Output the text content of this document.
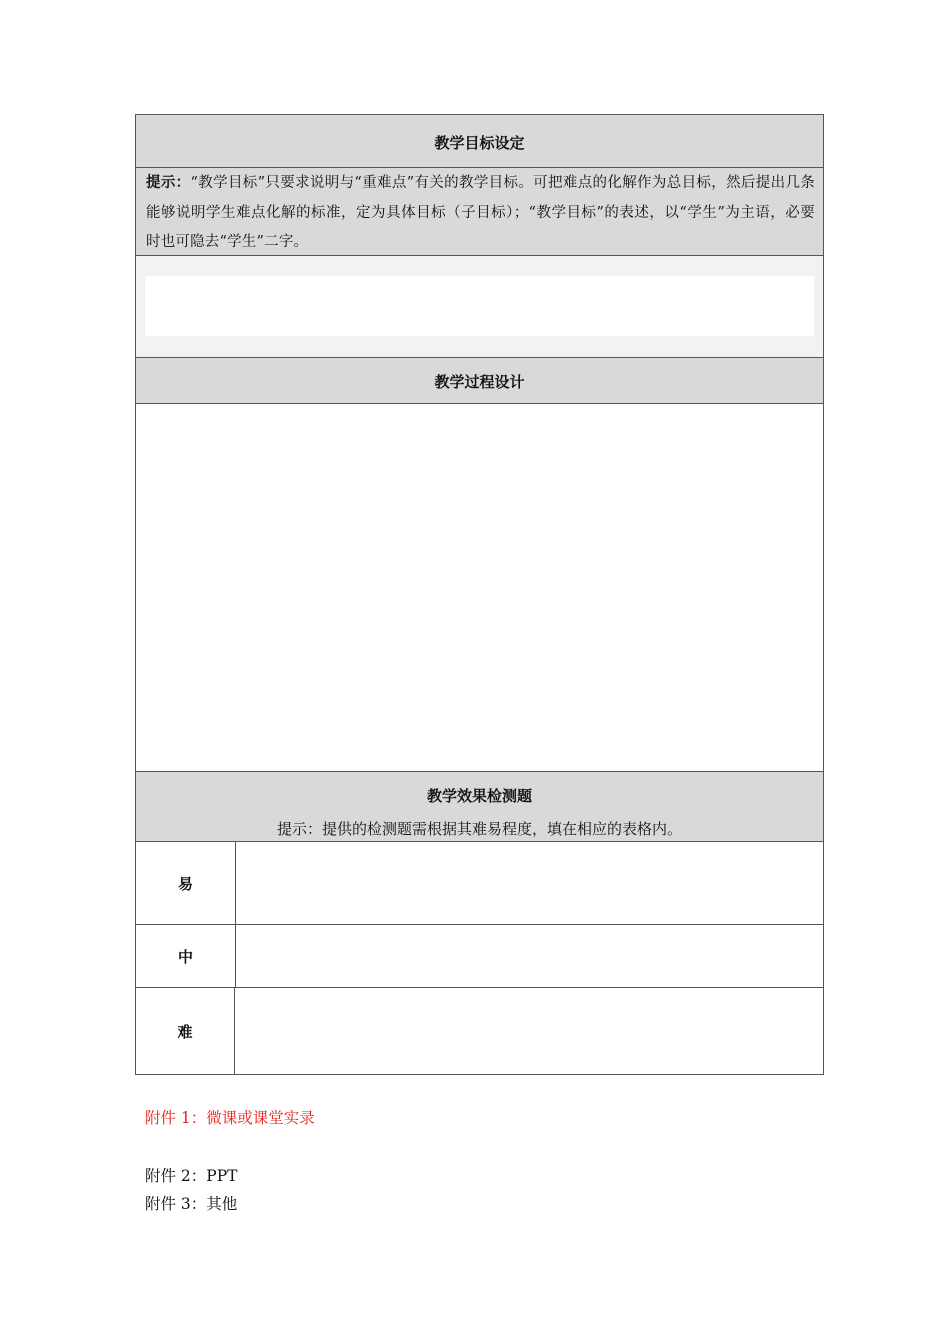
教学目标设定
提示：“教学目标”只要求说明与“重难点”有关的教学目标。可把难点的化解作为总目标，然后提出几条能够说明学生难点化解的标准，定为具体目标（子目标）；“教学目标”的表述，以“学生”为主语，必要时也可隐去“学生”二字。
教学过程设计
教学效果检测题
提示：提供的检测题需根据其难易程度，填在相应的表格内。
易
中
难
附件 1：微课或课堂实录
附件 2：PPT
附件 3：其他
